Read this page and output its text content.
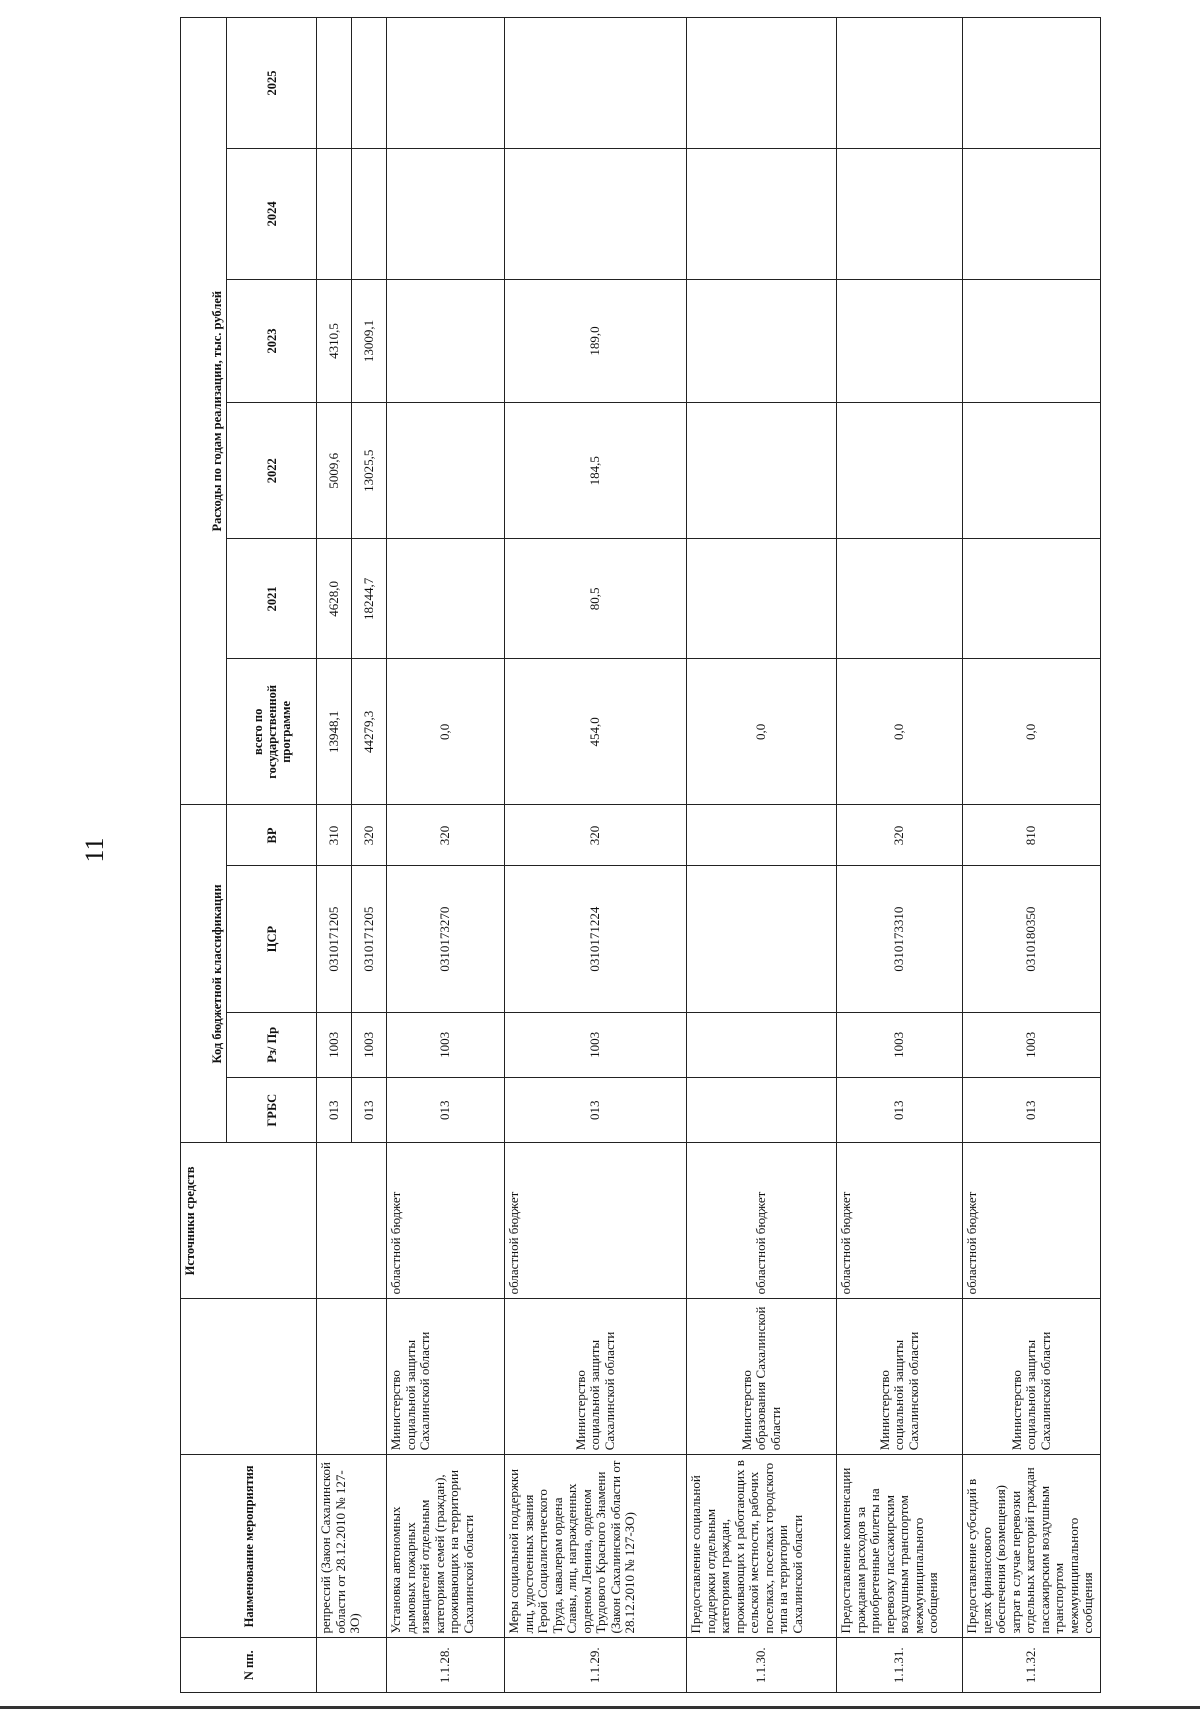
11
N пп.	Наименование мероприятия		Источники средств	Код бюджетной классификации				Расходы по годам реализации, тыс. рублей					
				ГРБС	Рз/ Пр	ЦСР	ВР	всего по государственной программе	2021	2022	2023	2024	2025

	репрессий (Закон Сахалинской области от 28.12.2010 № 127-ЗО)			013	1003	0310171205	310	13948,1	4628,0	5009,6	4310,5		
				013	1003	0310171205	320	44279,3	18244,7	13025,5	13009,1		
1.1.28.	Установка автономных дымовых пожарных извещателей отдельным категориям семей (граждан), проживающих на территории Сахалинской области	Министерство социальной защиты Сахалинской области	областной бюджет	013	1003	0310173270	320	0,0					
1.1.29.	Меры социальной поддержки лиц, удостоенных звания Герой Социалистического Труда, кавалерам ордена Славы, лиц, награжденных орденом Ленина, орденом Трудового Красного Знамени (Закон Сахалинской области от 28.12.2010 № 127-ЗО)	Министерство социальной защиты Сахалинской области	областной бюджет	013	1003	0310171224	320	454,0	80,5	184,5	189,0		
1.1.30.	Предоставление социальной поддержки отдельным категориям граждан, проживающих и работающих в сельской местности, рабочих поселках, поселках городского типа на территории Сахалинской области	Министерство образования Сахалинской области	областной бюджет					0,0					
1.1.31.	Предоставление компенсации гражданам расходов за приобретенные билеты на перевозку пассажирским воздушным транспортом межмуниципального сообщения	Министерство социальной защиты Сахалинской области	областной бюджет	013	1003	0310173310	320	0,0					
1.1.32.	Предоставление субсидий в целях финансового обеспечения (возмещения) затрат в случае перевозки отдельных категорий граждан пассажирским воздушным транспортом межмуниципального сообщения	Министерство социальной защиты Сахалинской области	областной бюджет	013	1003	0310180350	810	0,0					
